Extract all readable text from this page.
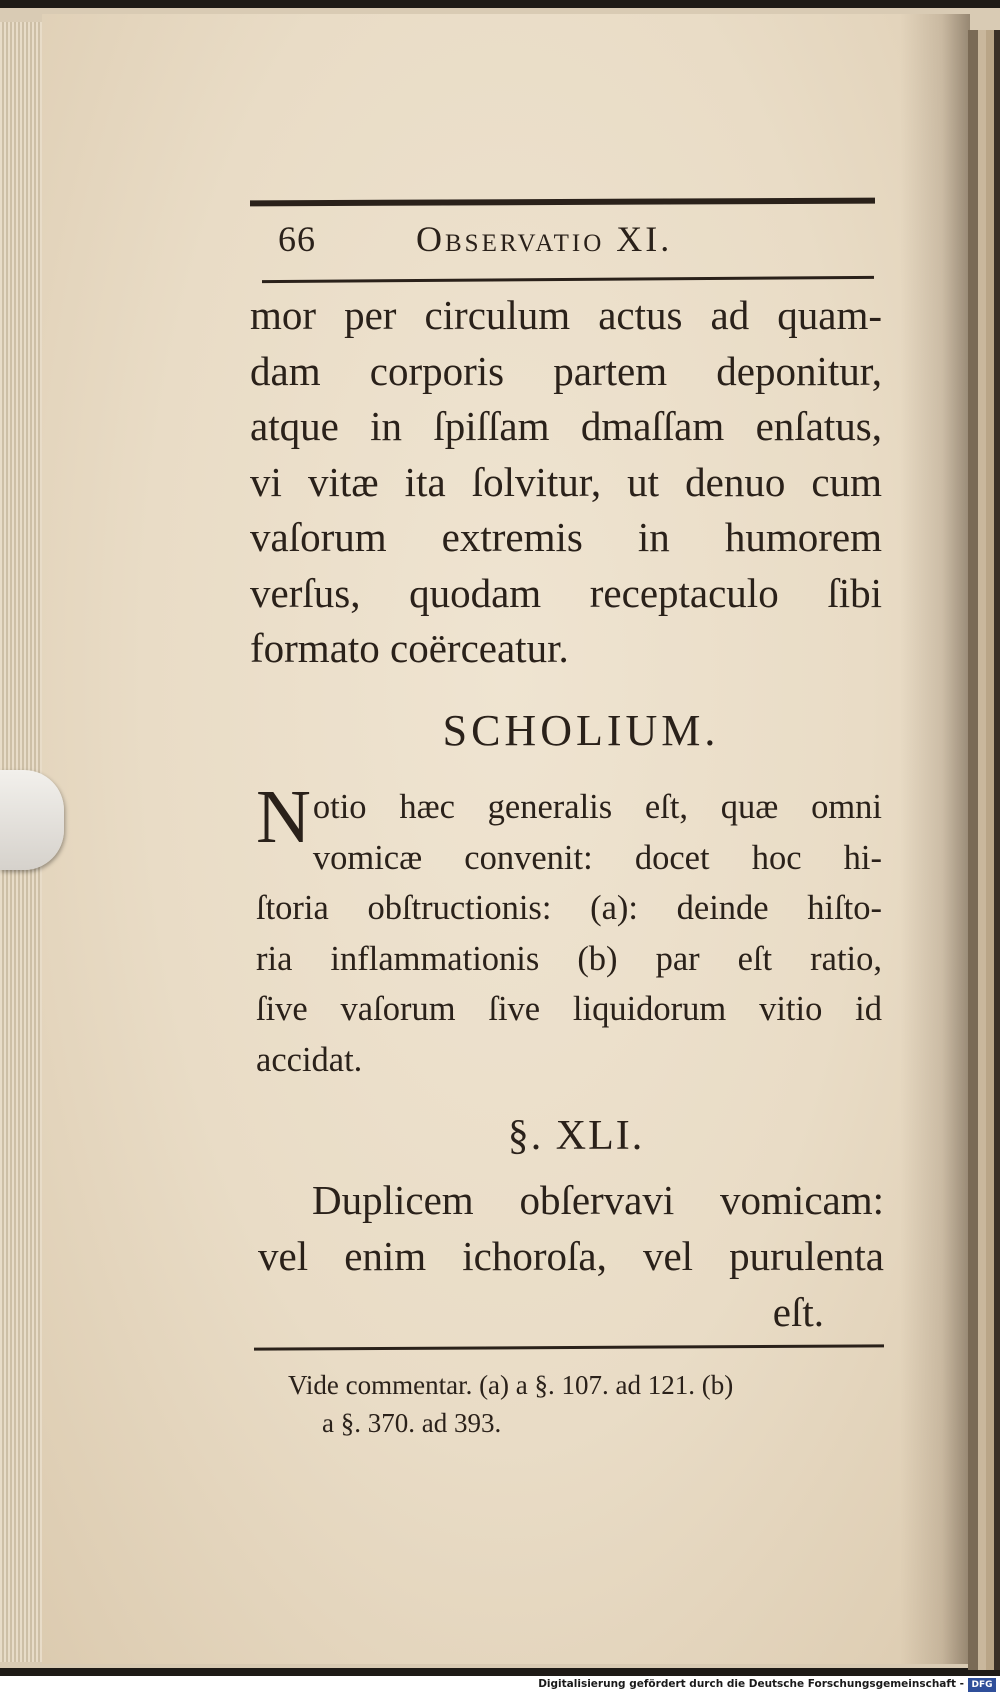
66	Observatio XI.
mor per circulum actus ad quam-
dam corporis partem deponitur,
atque in ſpiſſam dmaſſam enſatus,
vi vitæ ita ſolvitur, ut denuo cum
vaſorum extremis in humorem
verſus, quodam receptaculo ſibi
formato coërceatur.
SCHOLIUM.
N otio hæc generalis eſt, quæ omni
vomicæ convenit: docet hoc hi-
ſtoria obſtructionis: (a): deinde hiſto-
ria inflammationis (b) par eſt ratio,
ſive vaſorum ſive liquidorum vitio id
accidat.
§. XLI.
Duplicem obſervavi vomicam:
vel enim ichoroſa, vel purulenta
eſt.
Vide commentar. (a) a §. 107. ad 121. (b)
a §. 370. ad 393.
Digitalisierung gefördert durch die Deutsche Forschungsgemeinschaft - DFG
